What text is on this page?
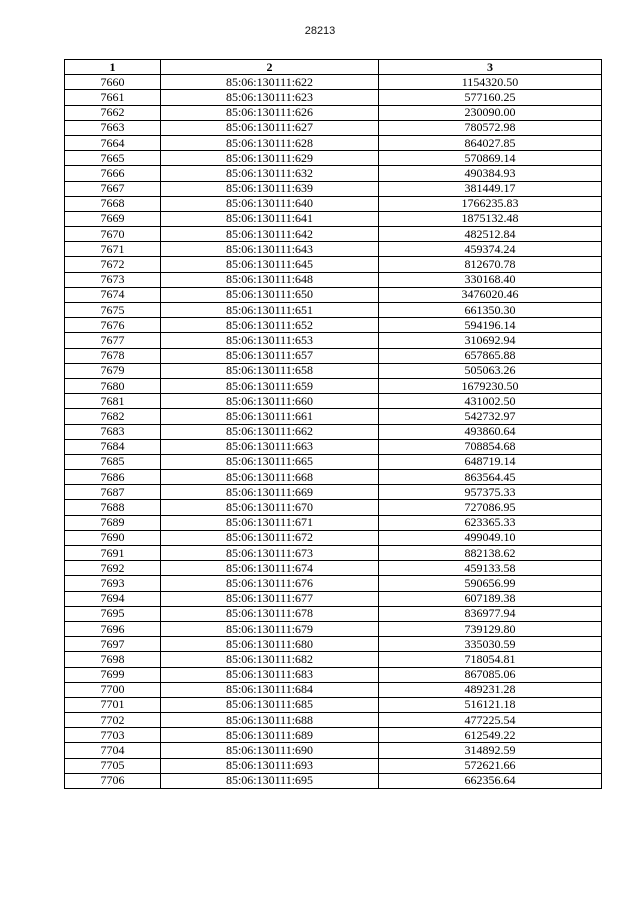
28213
1	2	3
7660	85:06:130111:622	1154320.50
7661	85:06:130111:623	577160.25
7662	85:06:130111:626	230090.00
7663	85:06:130111:627	780572.98
7664	85:06:130111:628	864027.85
7665	85:06:130111:629	570869.14
7666	85:06:130111:632	490384.93
7667	85:06:130111:639	381449.17
7668	85:06:130111:640	1766235.83
7669	85:06:130111:641	1875132.48
7670	85:06:130111:642	482512.84
7671	85:06:130111:643	459374.24
7672	85:06:130111:645	812670.78
7673	85:06:130111:648	330168.40
7674	85:06:130111:650	3476020.46
7675	85:06:130111:651	661350.30
7676	85:06:130111:652	594196.14
7677	85:06:130111:653	310692.94
7678	85:06:130111:657	657865.88
7679	85:06:130111:658	505063.26
7680	85:06:130111:659	1679230.50
7681	85:06:130111:660	431002.50
7682	85:06:130111:661	542732.97
7683	85:06:130111:662	493860.64
7684	85:06:130111:663	708854.68
7685	85:06:130111:665	648719.14
7686	85:06:130111:668	863564.45
7687	85:06:130111:669	957375.33
7688	85:06:130111:670	727086.95
7689	85:06:130111:671	623365.33
7690	85:06:130111:672	499049.10
7691	85:06:130111:673	882138.62
7692	85:06:130111:674	459133.58
7693	85:06:130111:676	590656.99
7694	85:06:130111:677	607189.38
7695	85:06:130111:678	836977.94
7696	85:06:130111:679	739129.80
7697	85:06:130111:680	335030.59
7698	85:06:130111:682	718054.81
7699	85:06:130111:683	867085.06
7700	85:06:130111:684	489231.28
7701	85:06:130111:685	516121.18
7702	85:06:130111:688	477225.54
7703	85:06:130111:689	612549.22
7704	85:06:130111:690	314892.59
7705	85:06:130111:693	572621.66
7706	85:06:130111:695	662356.64
